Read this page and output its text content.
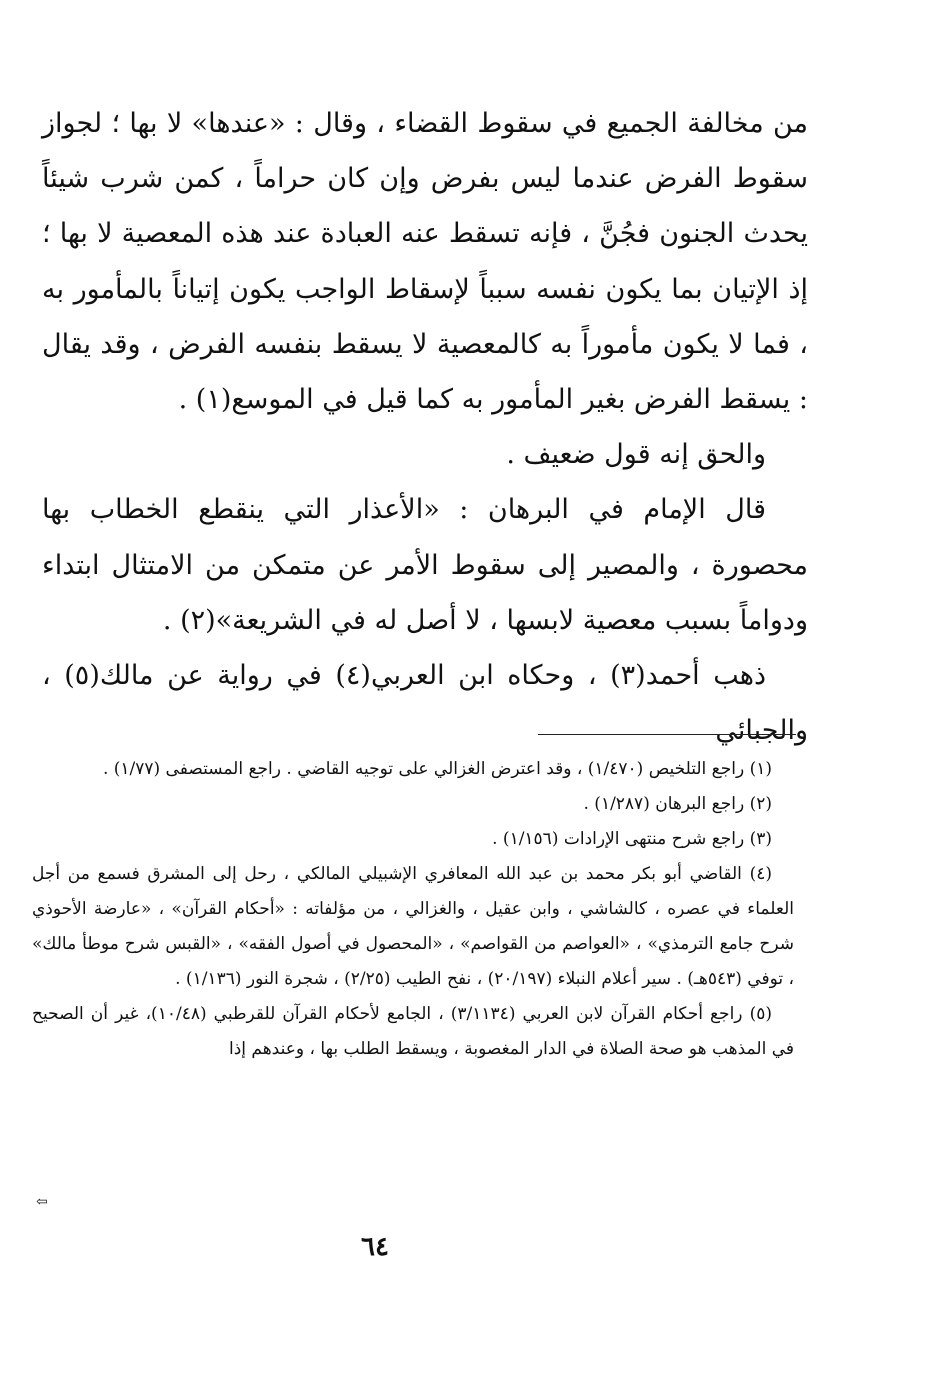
من مخالفة الجميع في سقوط القضاء ، وقال : «عندها» لا بها ؛ لجواز سقوط الفرض عندما ليس بفرض وإن كان حراماً ، كمن شرب شيئاً يحدث الجنون فجُنَّ ، فإنه تسقط عنه العبادة عند هذه المعصية لا بها ؛ إذ الإتيان بما يكون نفسه سبباً لإسقاط الواجب يكون إتياناً بالمأمور به ، فما لا يكون مأموراً به كالمعصية لا يسقط بنفسه الفرض ، وقد يقال : يسقط الفرض بغير المأمور به كما قيل في الموسع(١) .

والحق إنه قول ضعيف .

قال الإمام في البرهان : «الأعذار التي ينقطع الخطاب بها محصورة ، والمصير إلى سقوط الأمر عن متمكن من الامتثال ابتداء ودواماً بسبب معصية لابسها ، لا أصل له في الشريعة»(٢) .

ذهب أحمد(٣) ، وحكاه ابن العربي(٤) في رواية عن مالك(٥) ، والجبائي

(١) راجع التلخيص (١/٤٧٠) ، وقد اعترض الغزالي على توجيه القاضي . راجع المستصفى (١/٧٧) .

(٢) راجع البرهان (١/٢٨٧) .

(٣) راجع شرح منتهى الإرادات (١/١٥٦) .

(٤) القاضي أبو بكر محمد بن عبد الله المعافري الإشبيلي المالكي ، رحل إلى المشرق فسمع من أجل العلماء في عصره ، كالشاشي ، وابن عقيل ، والغزالي ، من مؤلفاته : «أحكام القرآن» ، «عارضة الأحوذي شرح جامع الترمذي» ، «العواصم من القواصم» ، «المحصول في أصول الفقه» ، «القبس شرح موطأ مالك» ، توفي (٥٤٣هـ) . سير أعلام النبلاء (٢٠/١٩٧) ، نفح الطيب (٢/٢٥) ، شجرة النور (١/١٣٦) .

(٥) راجع أحكام القرآن لابن العربي (٣/١١٣٤) ، الجامع لأحكام القرآن للقرطبي (١٠/٤٨)، غير أن الصحيح في المذهب هو صحة الصلاة في الدار المغصوبة ، ويسقط الطلب بها ، وعندهم إذا

⇦
٦٤
